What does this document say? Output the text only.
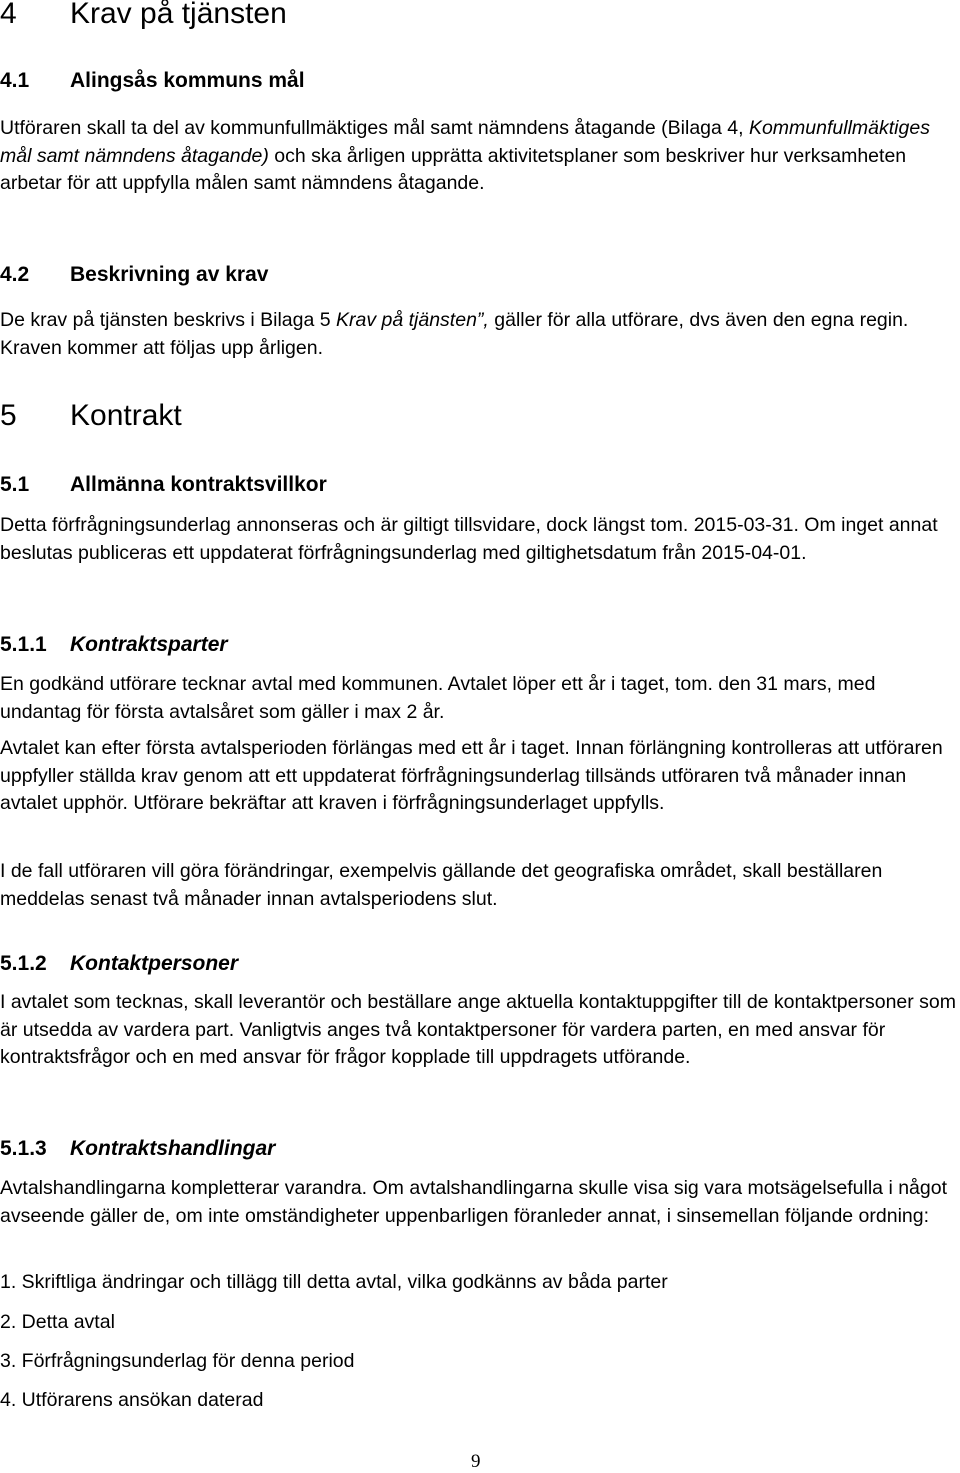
4 Krav på tjänsten
4.1 Alingsås kommuns mål
Utföraren skall ta del av kommunfullmäktiges mål samt nämndens åtagande (Bilaga 4, Kommunfullmäktiges mål samt nämndens åtagande) och ska årligen upprätta aktivitetsplaner som beskriver hur verksamheten arbetar för att uppfylla målen samt nämndens åtagande.
4.2 Beskrivning av krav
De krav på tjänsten beskrivs i Bilaga 5 Krav på tjänsten”, gäller för alla utförare, dvs även den egna regin. Kraven kommer att följas upp årligen.
5 Kontrakt
5.1 Allmänna kontraktsvillkor
Detta förfrågningsunderlag annonseras och är giltigt tillsvidare, dock längst tom. 2015-03-31. Om inget annat beslutas publiceras ett uppdaterat förfrågningsunderlag med giltighetsdatum från 2015-04-01.
5.1.1 Kontraktsparter
En godkänd utförare tecknar avtal med kommunen. Avtalet löper ett år i taget, tom. den 31 mars, med undantag för första avtalsåret som gäller i max 2 år.
Avtalet kan efter första avtalsperioden förlängas med ett år i taget. Innan förlängning kontrolleras att utföraren uppfyller ställda krav genom att ett uppdaterat förfrågningsunderlag tillsänds utföraren två månader innan avtalet upphör. Utförare bekräftar att kraven i förfrågningsunderlaget uppfylls.
I de fall utföraren vill göra förändringar, exempelvis gällande det geografiska området, skall beställaren meddelas senast två månader innan avtalsperiodens slut.
5.1.2 Kontaktpersoner
I avtalet som tecknas, skall leverantör och beställare ange aktuella kontaktuppgifter till de kontaktpersoner som är utsedda av vardera part. Vanligtvis anges två kontaktpersoner för vardera parten, en med ansvar för kontraktsfrågor och en med ansvar för frågor kopplade till uppdragets utförande.
5.1.3 Kontraktshandlingar
Avtalshandlingarna kompletterar varandra. Om avtalshandlingarna skulle visa sig vara motsägelsefulla i något avseende gäller de, om inte omständigheter uppenbarligen föranleder annat, i sinsemellan följande ordning:
1. Skriftliga ändringar och tillägg till detta avtal, vilka godkänns av båda parter
2. Detta avtal
3. Förfrågningsunderlag för denna period
4. Utförarens ansökan daterad
9
